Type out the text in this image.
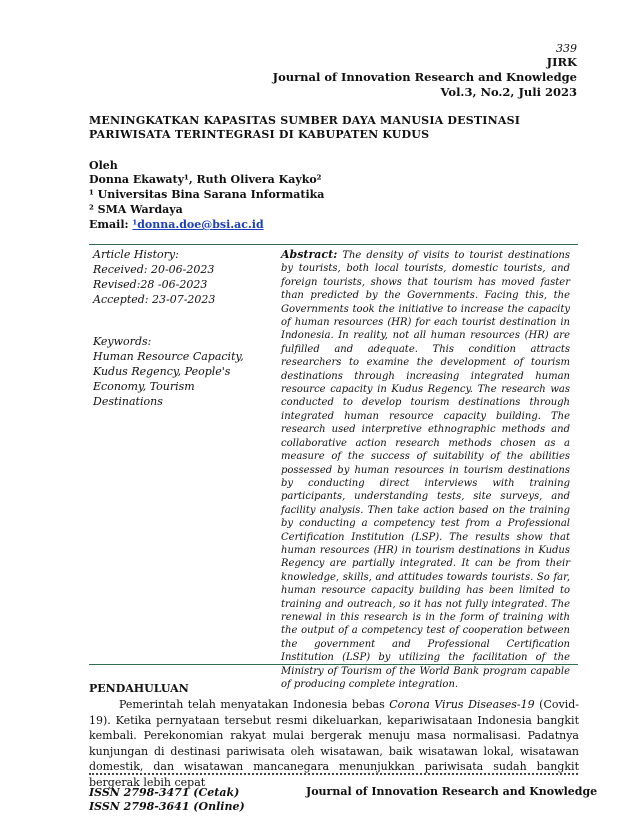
339
JIRK
Journal of Innovation Research and Knowledge
Vol.3, No.2, Juli 2023
MENINGKATKAN KAPASITAS SUMBER DAYA MANUSIA DESTINASI PARIWISATA TERINTEGRASI DI KABUPATEN KUDUS
Oleh
Donna Ekawaty¹, Ruth Olivera Kayko²
¹ Universitas Bina Sarana Informatika
² SMA Wardaya
Email: ¹donna.doe@bsi.ac.id
Article History:
Received: 20-06-2023
Revised:28 -06-2023
Accepted: 23-07-2023
Keywords:
Human Resource Capacity, Kudus Regency, People's Economy, Tourism Destinations
Abstract: The density of visits to tourist destinations by tourists, both local tourists, domestic tourists, and foreign tourists, shows that tourism has moved faster than predicted by the Governments. Facing this, the Governments took the initiative to increase the capacity of human resources (HR) for each tourist destination in Indonesia. In reality, not all human resources (HR) are fulfilled and adequate. This condition attracts researchers to examine the development of tourism destinations through increasing integrated human resource capacity in Kudus Regency. The research was conducted to develop tourism destinations through integrated human resource capacity building. The research used interpretive ethnographic methods and collaborative action research methods chosen as a measure of the success of suitability of the abilities possessed by human resources in tourism destinations by conducting direct interviews with training participants, understanding tests, site surveys, and facility analysis. Then take action based on the training by conducting a competency test from a Professional Certification Institution (LSP). The results show that human resources (HR) in tourism destinations in Kudus Regency are partially integrated. It can be from their knowledge, skills, and attitudes towards tourists. So far, human resource capacity building has been limited to training and outreach, so it has not fully integrated. The renewal in this research is in the form of training with the output of a competency test of cooperation between the government and Professional Certification Institution (LSP) by utilizing the facilitation of the Ministry of Tourism of the World Bank program capable of producing complete integration.
PENDAHULUAN

Pemerintah telah menyatakan Indonesia bebas Corona Virus Diseases-19 (Covid-19). Ketika pernyataan tersebut resmi dikeluarkan, kepariwisataan Indonesia bangkit kembali. Perekonomian rakyat mulai bergerak menuju masa normalisasi. Padatnya kunjungan di destinasi pariwisata oleh wisatawan, baik wisatawan lokal, wisatawan domestik, dan wisatawan mancanegara menunjukkan pariwisata sudah bangkit bergerak lebih cepat

ISSN 2798-3471 (Cetak)
ISSN 2798-3641 (Online)
Journal of Innovation Research and Knowledge
